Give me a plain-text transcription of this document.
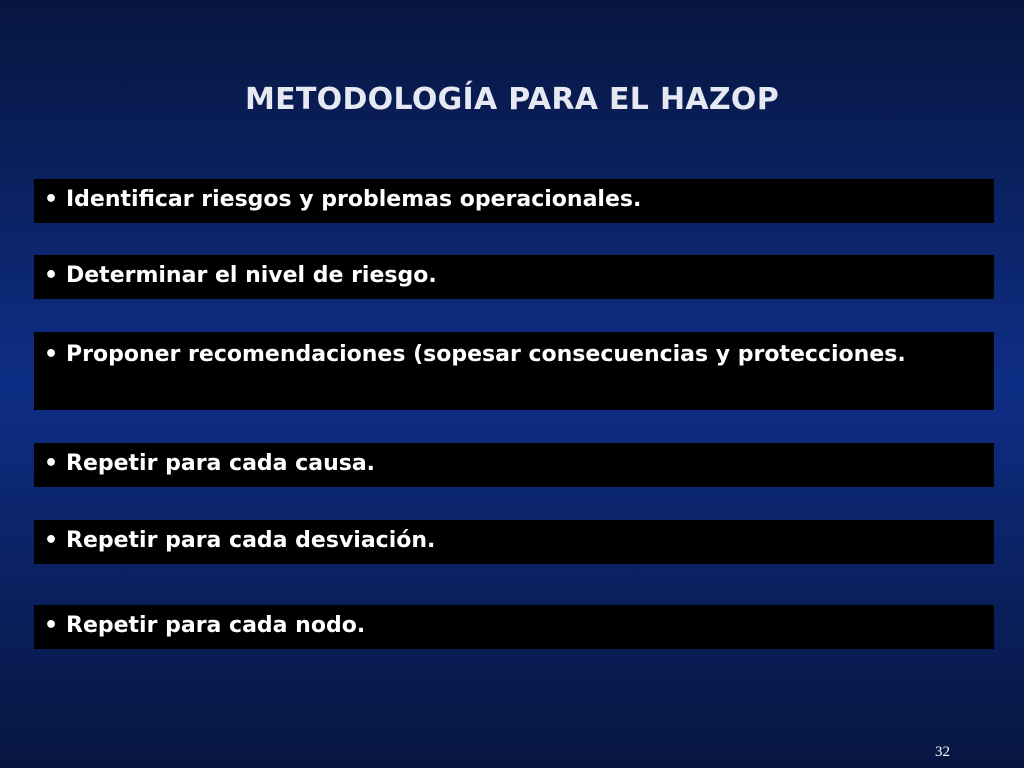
METODOLOGÍA PARA EL HAZOP
• Identificar riesgos y problemas operacionales.
• Determinar el nivel de riesgo.
• Proponer recomendaciones (sopesar consecuencias y protecciones.
• Repetir para cada causa.
• Repetir para cada desviación.
• Repetir para cada nodo.
32
